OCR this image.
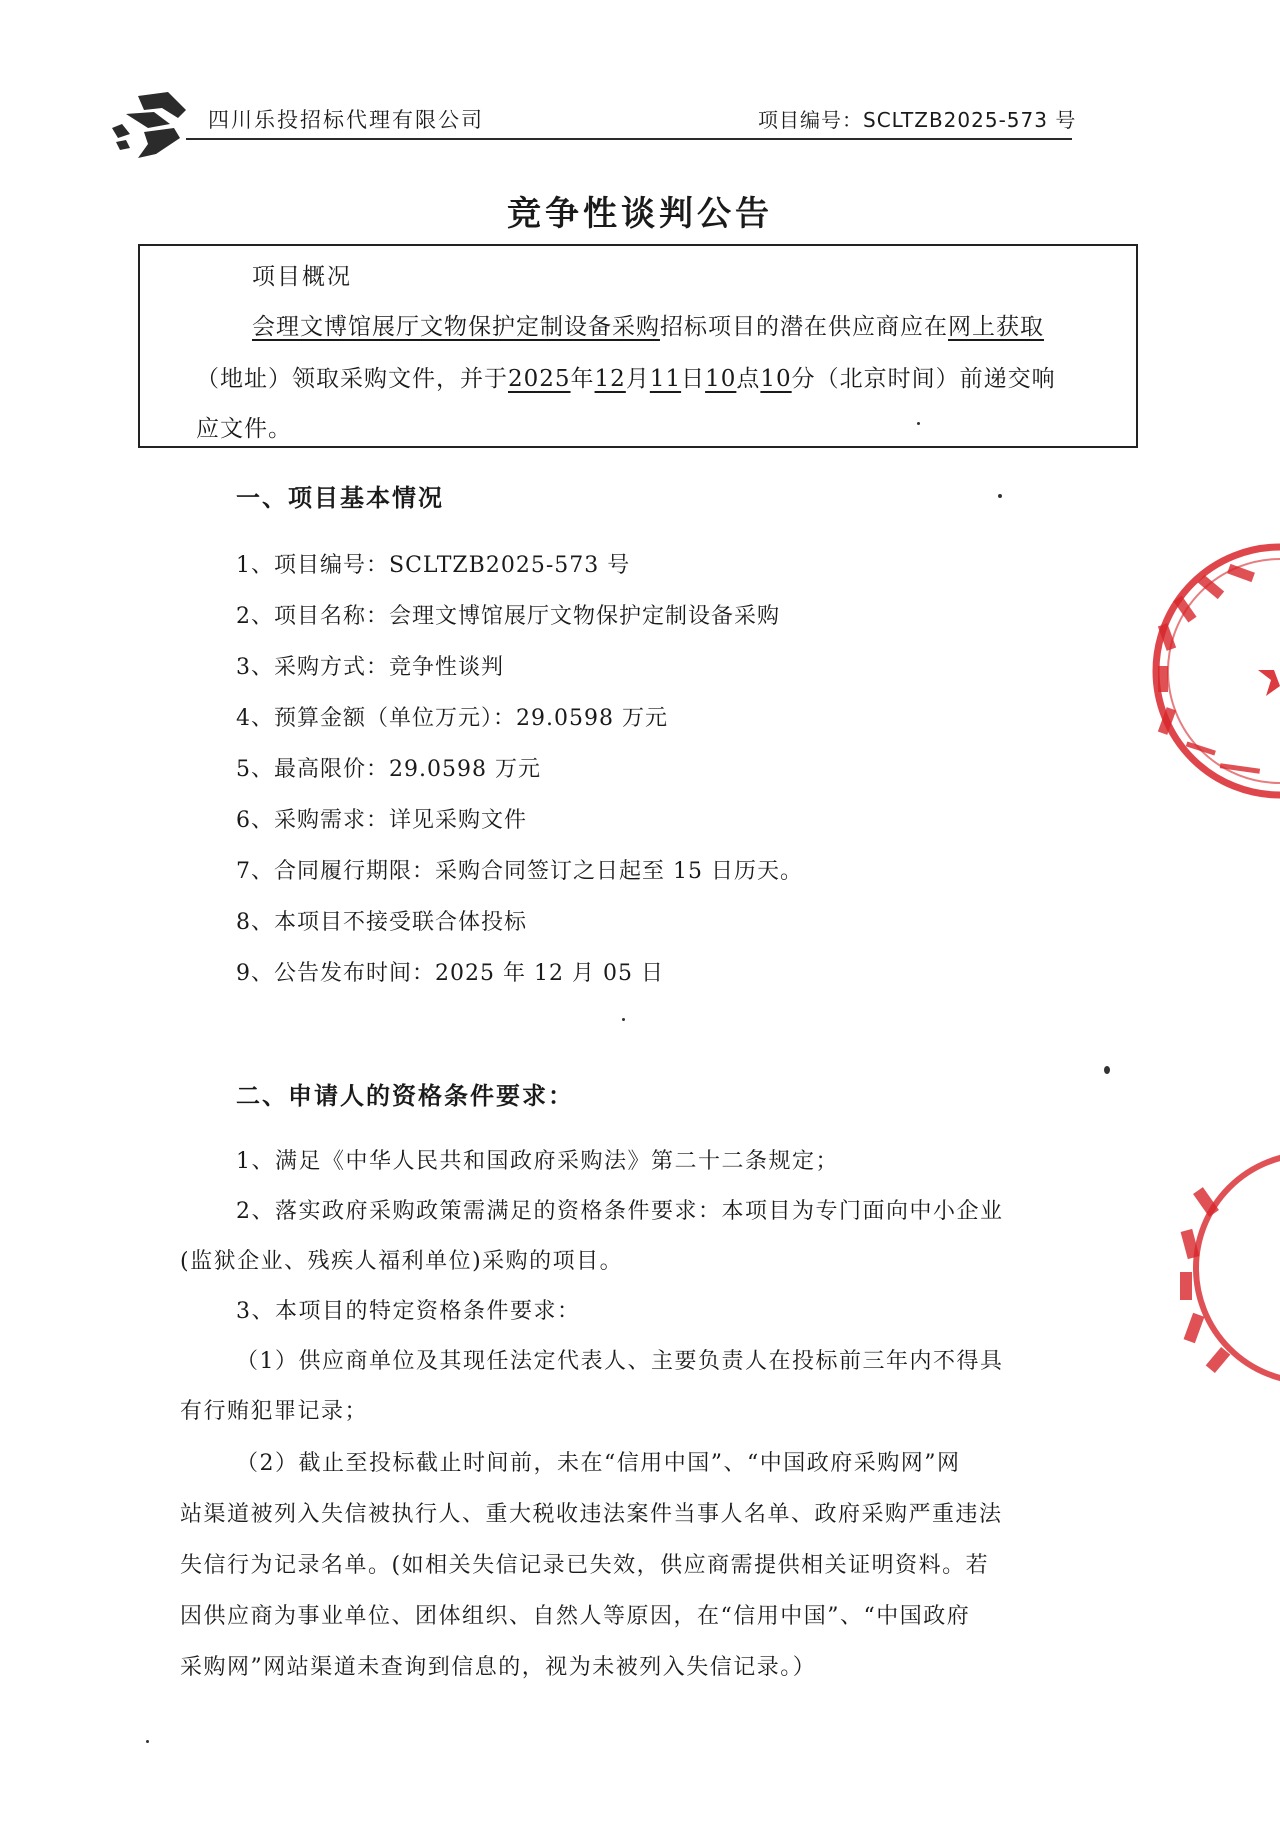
四川乐投招标代理有限公司	项目编号：SCLTZB2025-573 号
竞争性谈判公告
项目概况
会理文博馆展厅文物保护定制设备采购招标项目的潜在供应商应在网上获取
（地址）领取采购文件，并于2025年12月11日10点10分（北京时间）前递交响
应文件。
一、项目基本情况
1、项目编号：SCLTZB2025-573 号
2、项目名称：会理文博馆展厅文物保护定制设备采购
3、采购方式：竞争性谈判
4、预算金额（单位万元）：29.0598 万元
5、最高限价：29.0598 万元
6、采购需求：详见采购文件
7、合同履行期限：采购合同签订之日起至 15 日历天。
8、本项目不接受联合体投标
9、公告发布时间：2025 年 12 月 05 日
二、申请人的资格条件要求：
1、满足《中华人民共和国政府采购法》第二十二条规定；
2、落实政府采购政策需满足的资格条件要求：本项目为专门面向中小企业
(监狱企业、残疾人福利单位)采购的项目。
3、本项目的特定资格条件要求：
（1）供应商单位及其现任法定代表人、主要负责人在投标前三年内不得具
有行贿犯罪记录；
（2）截止至投标截止时间前，未在“信用中国”、“中国政府采购网”网
站渠道被列入失信被执行人、重大税收违法案件当事人名单、政府采购严重违法
失信行为记录名单。(如相关失信记录已失效，供应商需提供相关证明资料。若
因供应商为事业单位、团体组织、自然人等原因，在“信用中国”、“中国政府
采购网”网站渠道未查询到信息的，视为未被列入失信记录。）
